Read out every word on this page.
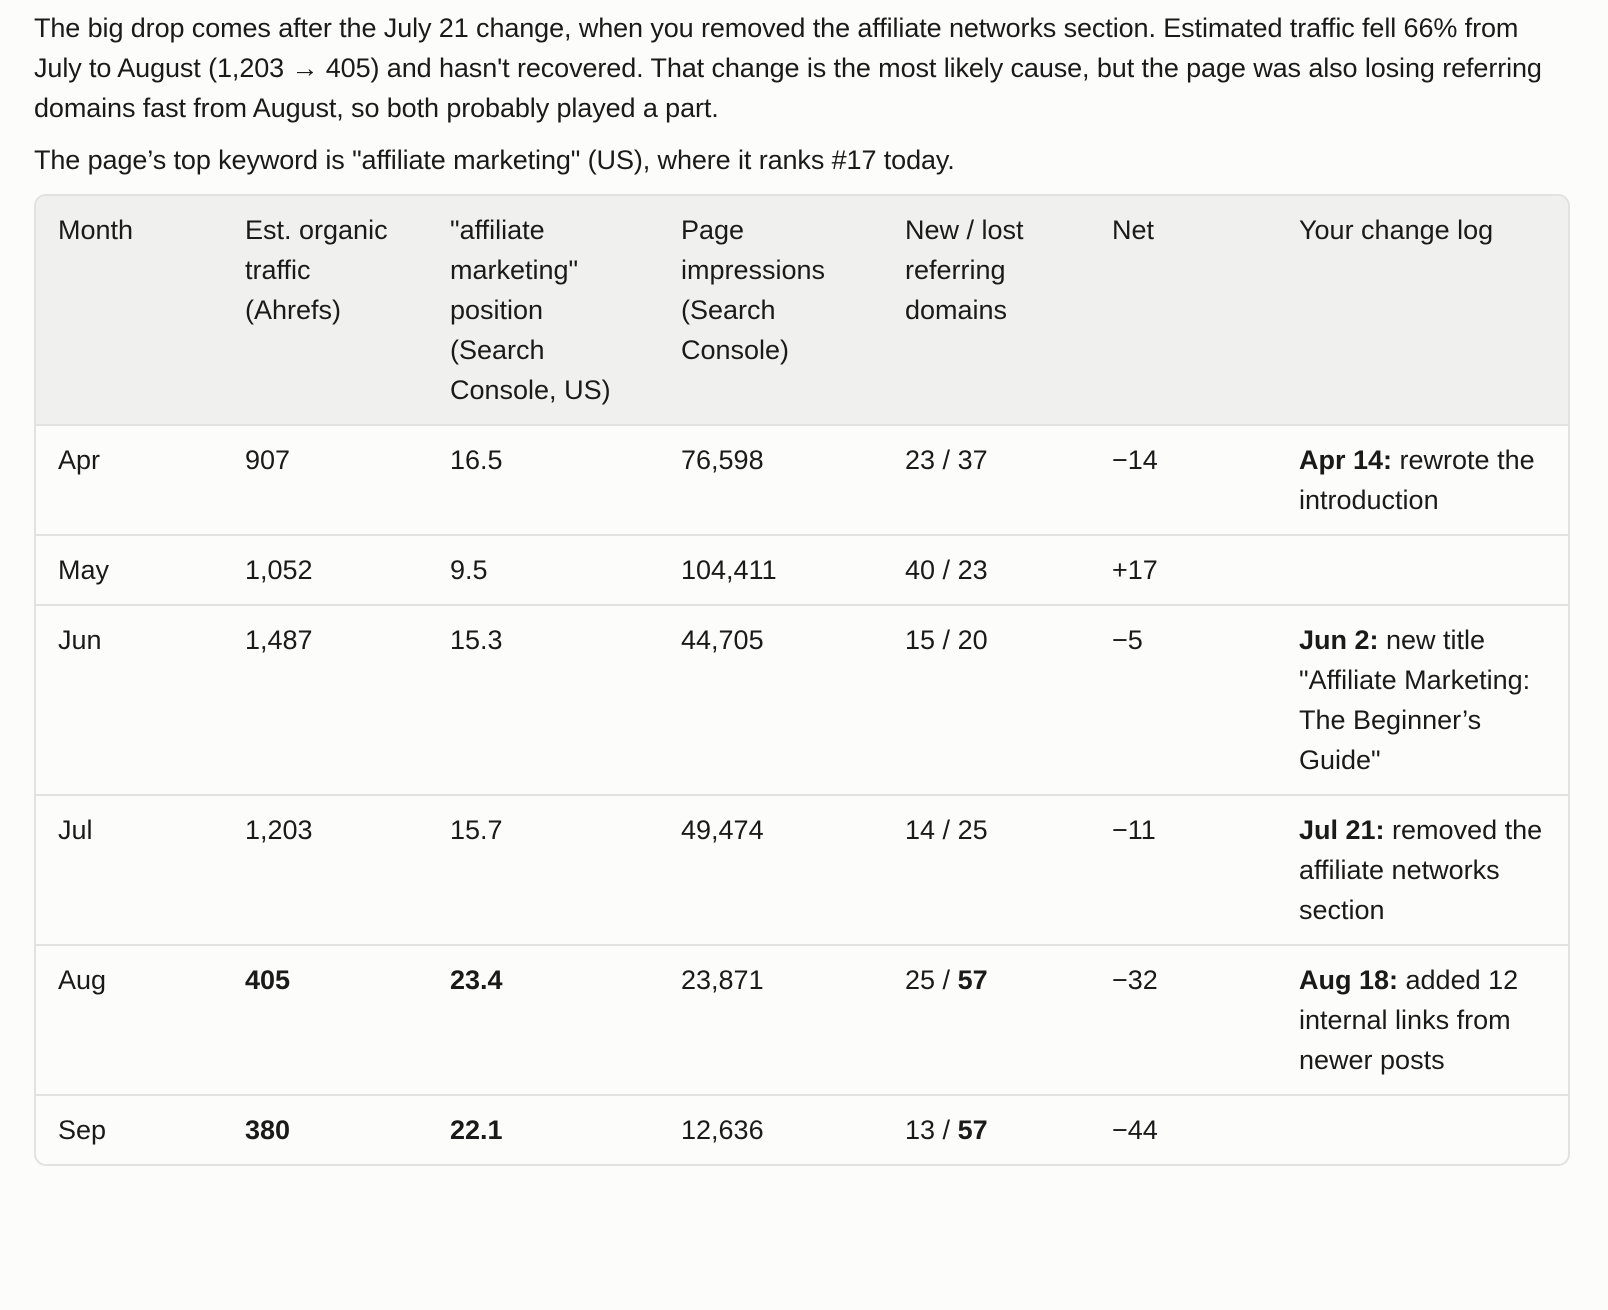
The big drop comes after the July 21 change, when you removed the affiliate networks section. Estimated traffic fell 66% from July to August (1,203 → 405) and hasn't recovered. That change is the most likely cause, but the page was also losing referring domains fast from August, so both probably played a part.

The page’s top keyword is "affiliate marketing" (US), where it ranks #17 today.

Month	Est. organic traffic (Ahrefs)	"affiliate marketing" position (Search Console, US)	Page impressions (Search Console)	New / lost referring domains	Net	Your change log
Apr	907	16.5	76,598	23 / 37	−14	Apr 14: rewrote the introduction
May	1,052	9.5	104,411	40 / 23	+17	
Jun	1,487	15.3	44,705	15 / 20	−5	Jun 2: new title "Affiliate Marketing: The Beginner’s Guide"
Jul	1,203	15.7	49,474	14 / 25	−11	Jul 21: removed the affiliate networks section
Aug	405	23.4	23,871	25 / 57	−32	Aug 18: added 12 internal links from newer posts
Sep	380	22.1	12,636	13 / 57	−44	
